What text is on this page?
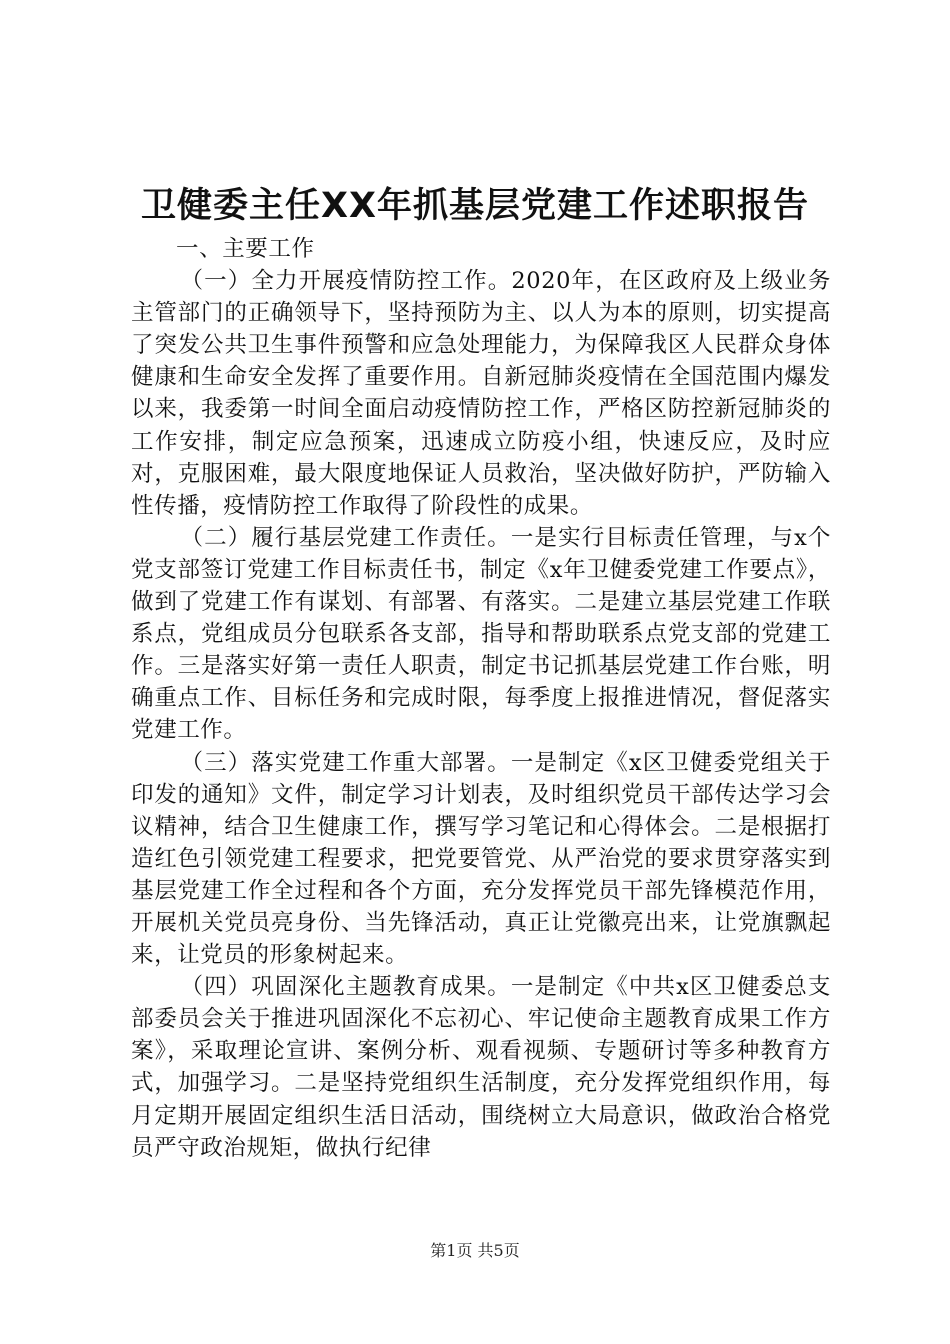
卫健委主任XX年抓基层党建工作述职报告

一、主要工作

（一）全力开展疫情防控工作。2020年，在区政府及上级业务主管部门的正确领导下，坚持预防为主、以人为本的原则，切实提高了突发公共卫生事件预警和应急处理能力，为保障我区人民群众身体健康和生命安全发挥了重要作用。自新冠肺炎疫情在全国范围内爆发以来，我委第一时间全面启动疫情防控工作，严格区防控新冠肺炎的工作安排，制定应急预案，迅速成立防疫小组，快速反应，及时应对，克服困难，最大限度地保证人员救治，坚决做好防护，严防输入性传播，疫情防控工作取得了阶段性的成果。

（二）履行基层党建工作责任。一是实行目标责任管理，与x个党支部签订党建工作目标责任书，制定《x年卫健委党建工作要点》，做到了党建工作有谋划、有部署、有落实。二是建立基层党建工作联系点，党组成员分包联系各支部，指导和帮助联系点党支部的党建工作。三是落实好第一责任人职责，制定书记抓基层党建工作台账，明确重点工作、目标任务和完成时限，每季度上报推进情况，督促落实党建工作。

（三）落实党建工作重大部署。一是制定《x区卫健委党组关于印发的通知》文件，制定学习计划表，及时组织党员干部传达学习会议精神，结合卫生健康工作，撰写学习笔记和心得体会。二是根据打造红色引领党建工程要求，把党要管党、从严治党的要求贯穿落实到基层党建工作全过程和各个方面，充分发挥党员干部先锋模范作用，开展机关党员亮身份、当先锋活动，真正让党徽亮出来，让党旗飘起来，让党员的形象树起来。

（四）巩固深化主题教育成果。一是制定《中共x区卫健委总支部委员会关于推进巩固深化不忘初心、牢记使命主题教育成果工作方案》，采取理论宣讲、案例分析、观看视频、专题研讨等多种教育方式，加强学习。二是坚持党组织生活制度，充分发挥党组织作用，每月定期开展固定组织生活日活动，围绕树立大局意识，做政治合格党员严守政治规矩，做执行纪律

第1页 共5页
